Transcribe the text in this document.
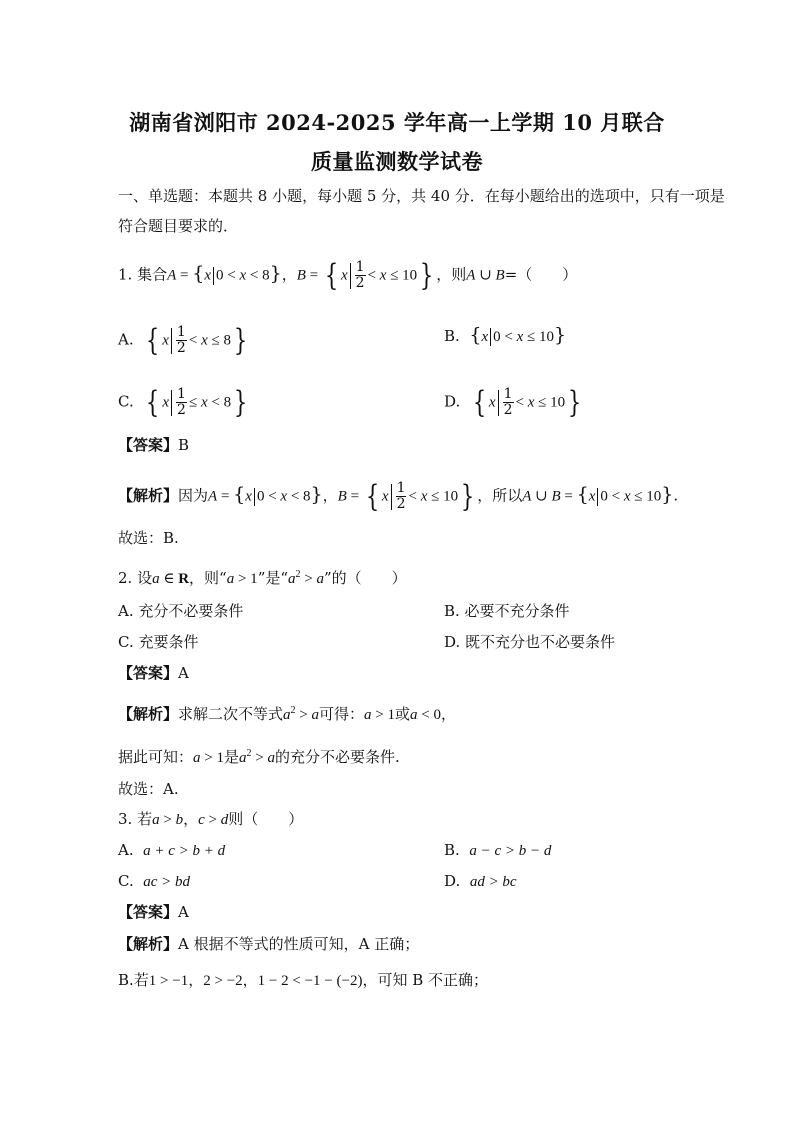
湖南省浏阳市 2024-2025 学年高一上学期 10 月联合
质量监测数学试卷
一、单选题：本题共 8 小题，每小题 5 分，共 40 分．在每小题给出的选项中，只有一项是
符合题目要求的．
1. 集合A = {x 0 < x < 8}，B = { x $\frac{1}{2} < x \le 10$} ，则A ∪ B=（　　）
A. { x $\frac{1}{2} < x \le 8$}	B. {x 0 < x ≤ 10}
C. { x $\frac{1}{2} \le x < 8$}	D. { x $\frac{1}{2} < x \le 10$}
【答案】B
【解析】因为A = {x 0 < x < 8}，B = { x $\frac{1}{2} < x \le 10$} ，所以A ∪ B = {x 0 < x ≤ 10}.
故选：B.
2. 设a ∈ R，则“a > 1”是“$a^2 > a$”的（　　）
A. 充分不必要条件	B. 必要不充分条件
C. 充要条件	D. 既不充分也不必要条件
【答案】A
【解析】求解二次不等式$a^2 > a$可得：a > 1或a < 0，
据此可知：a > 1是$a^2 > a$的充分不必要条件.
故选：A.
3. 若a > b，c > d则（　　）
A. a + c > b + d	B. a − c > b − d
C. ac > bd	D. ad > bc
【答案】A
【解析】A 根据不等式的性质可知，A 正确；
B.若1 > −1，2 > −2，1 − 2 < −1 − (−2)，可知 B 不正确；
